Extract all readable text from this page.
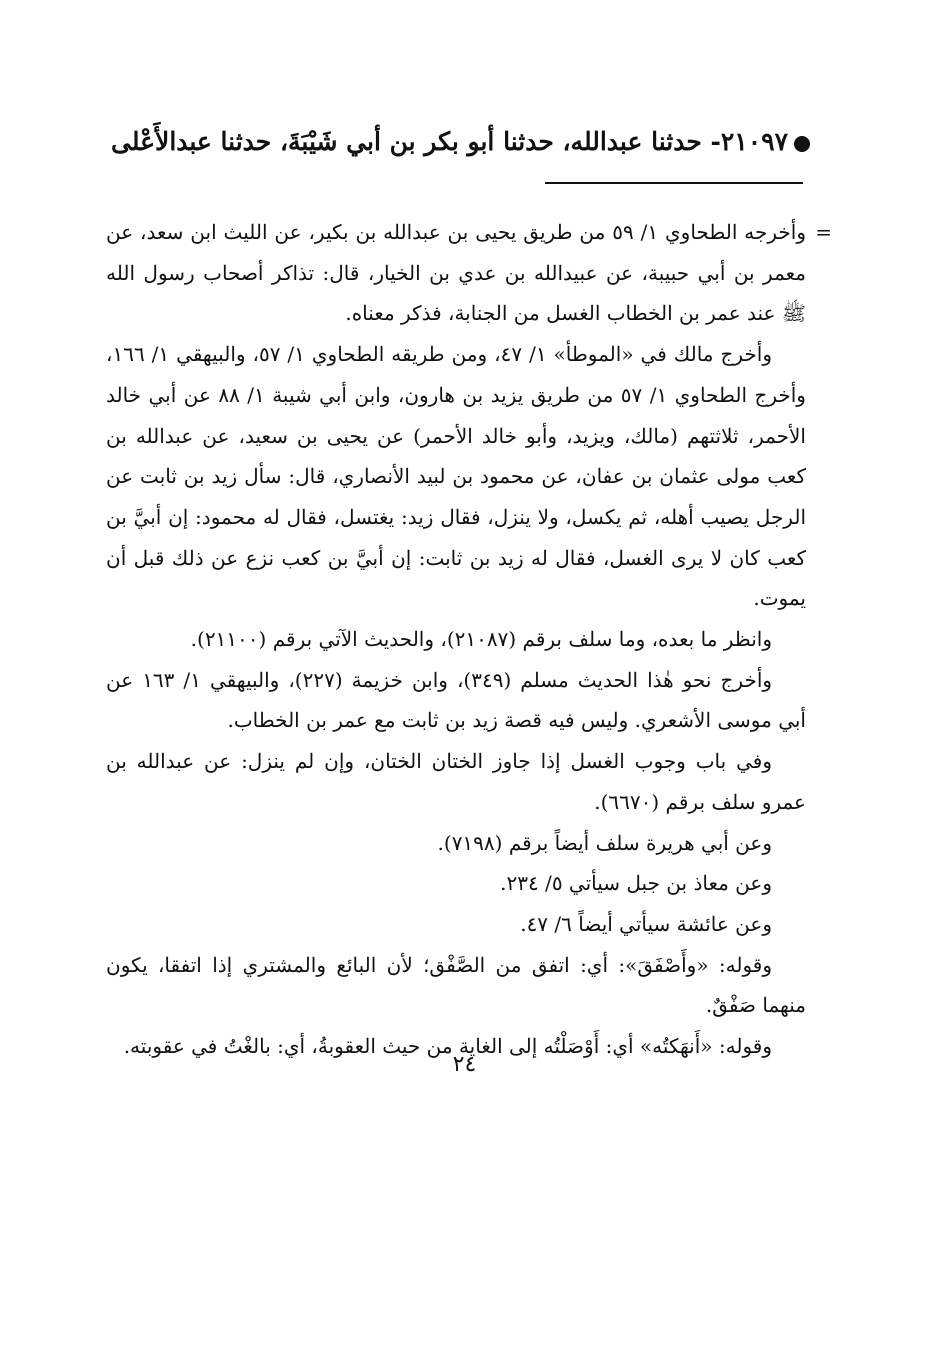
٢١٠٩٧- حدثنا عبدالله، حدثنا أبو بكر بن أبي شَيْبَةَ، حدثنا عبدالأَعْلى
=

وأخرجه الطحاوي ١/ ٥٩ من طريق يحيى بن عبدالله بن بكير، عن الليث ابن سعد، عن معمر بن أبي حبيبة، عن عبيدالله بن عدي بن الخيار، قال: تذاكر أصحاب رسول الله ﷺ عند عمر بن الخطاب الغسل من الجنابة، فذكر معناه.

وأخرج مالك في «الموطأ» ١/ ٤٧، ومن طريقه الطحاوي ١/ ٥٧، والبيهقي ١/ ١٦٦، وأخرج الطحاوي ١/ ٥٧ من طريق يزيد بن هارون، وابن أبي شيبة ١/ ٨٨ عن أبي خالد الأحمر، ثلاثتهم (مالك، ويزيد، وأبو خالد الأحمر) عن يحيى بن سعيد، عن عبدالله بن كعب مولى عثمان بن عفان، عن محمود بن لبيد الأنصاري، قال: سأل زيد بن ثابت عن الرجل يصيب أهله، ثم يكسل، ولا ينزل، فقال زيد: يغتسل، فقال له محمود: إن أبيَّ بن كعب كان لا يرى الغسل، فقال له زيد بن ثابت: إن أبيَّ بن كعب نزع عن ذلك قبل أن يموت.

وانظر ما بعده، وما سلف برقم (٢١٠٨٧)، والحديث الآتي برقم (٢١١٠٠).

وأخرج نحو هٰذا الحديث مسلم (٣٤٩)، وابن خزيمة (٢٢٧)، والبيهقي ١/ ١٦٣ عن أبي موسى الأشعري. وليس فيه قصة زيد بن ثابت مع عمر بن الخطاب.

وفي باب وجوب الغسل إذا جاوز الختان الختان، وإن لم ينزل: عن عبدالله بن عمرو سلف برقم (٦٦٧٠).

وعن أبي هريرة سلف أيضاً برقم (٧١٩٨).

وعن معاذ بن جبل سيأتي ٥/ ٢٣٤.

وعن عائشة سيأتي أيضاً ٦/ ٤٧.

وقوله: «وأَصْفَقَ»: أي: اتفق من الصَّفْق؛ لأن البائع والمشتري إذا اتفقا، يكون منهما صَفْقٌ.

وقوله: «أَنهَكتُه» أي: أَوْصَلْتُه إلى الغاية من حيث العقوبةُ، أي: بالغْتُ في عقوبته.

٢٤
